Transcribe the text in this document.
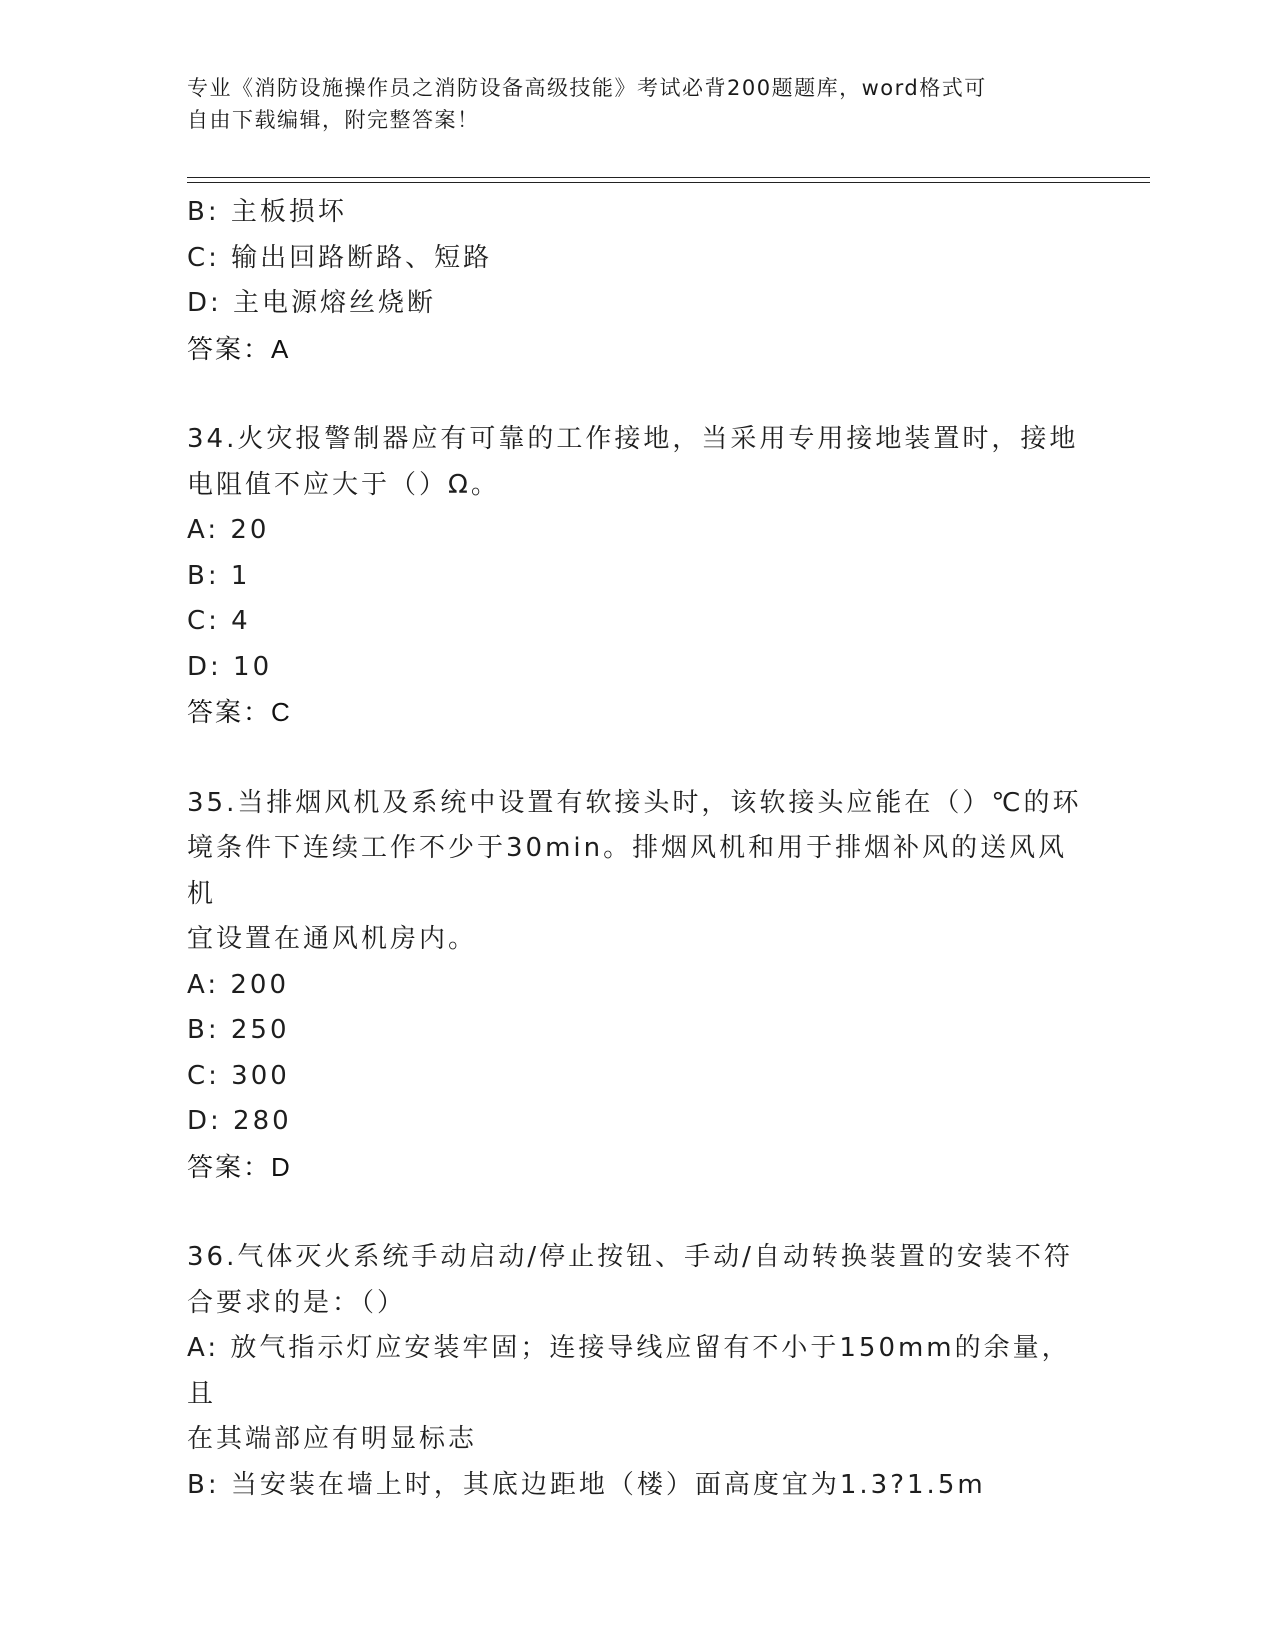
专业《消防设施操作员之消防设备高级技能》考试必背200题题库，word格式可
自由下载编辑，附完整答案！
B: 主板损坏
C: 输出回路断路、短路
D: 主电源熔丝烧断
答案：A
34.火灾报警制器应有可靠的工作接地，当采用专用接地装置时，接地
电阻值不应大于（）Ω。
A: 20
B: 1
C: 4
D: 10
答案：C
35.当排烟风机及系统中设置有软接头时，该软接头应能在（）℃的环
境条件下连续工作不少于30min。排烟风机和用于排烟补风的送风风机
宜设置在通风机房内。
A: 200
B: 250
C: 300
D: 280
答案：D
36.气体灭火系统手动启动/停止按钮、手动/自动转换装置的安装不符
合要求的是：（）
A: 放气指示灯应安装牢固；连接导线应留有不小于150mm的余量，且
在其端部应有明显标志
B: 当安装在墙上时，其底边距地（楼）面高度宜为1.3?1.5m
